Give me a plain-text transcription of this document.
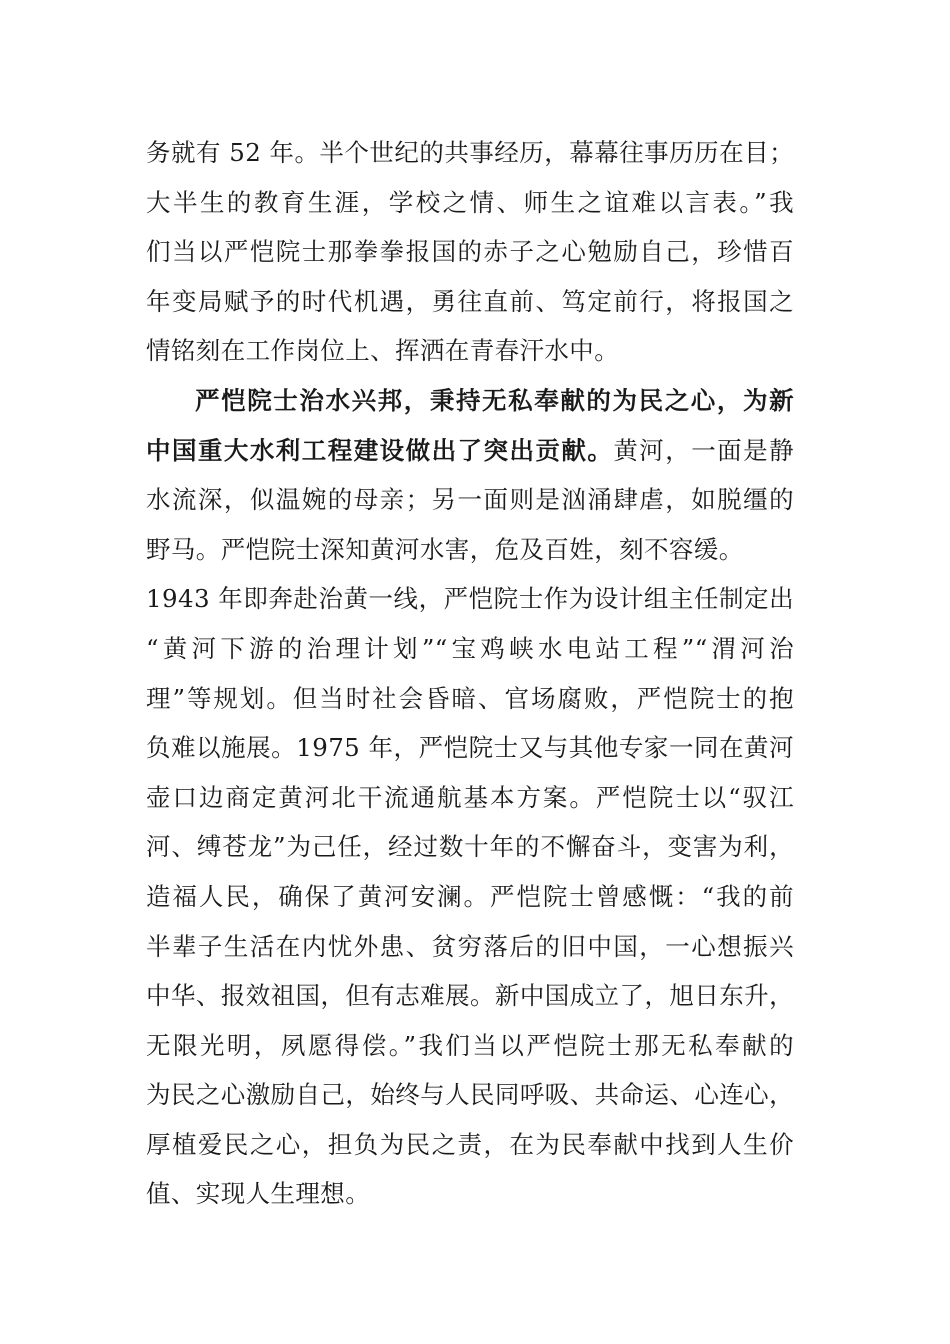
务就有 52 年。半个世纪的共事经历，幕幕往事历历在目；
大半生的教育生涯，学校之情、师生之谊难以言表。”我
们当以严恺院士那拳拳报国的赤子之心勉励自己，珍惜百
年变局赋予的时代机遇，勇往直前、笃定前行，将报国之
情铭刻在工作岗位上、挥洒在青春汗水中。
严恺院士治水兴邦，秉持无私奉献的为民之心，为新
中国重大水利工程建设做出了突出贡献。黄河，一面是静
水流深，似温婉的母亲；另一面则是汹涌肆虐，如脱缰的
野马。严恺院士深知黄河水害，危及百姓，刻不容缓。
1943 年即奔赴治黄一线，严恺院士作为设计组主任制定出
“黄河下游的治理计划”“宝鸡峡水电站工程”“渭河治
理”等规划。但当时社会昏暗、官场腐败，严恺院士的抱
负难以施展。1975 年，严恺院士又与其他专家一同在黄河
壶口边商定黄河北干流通航基本方案。严恺院士以“驭江
河、缚苍龙”为己任，经过数十年的不懈奋斗，变害为利，
造福人民，确保了黄河安澜。严恺院士曾感慨：“我的前
半辈子生活在内忧外患、贫穷落后的旧中国，一心想振兴
中华、报效祖国，但有志难展。新中国成立了，旭日东升，
无限光明，夙愿得偿。”我们当以严恺院士那无私奉献的
为民之心激励自己，始终与人民同呼吸、共命运、心连心，
厚植爱民之心，担负为民之责，在为民奉献中找到人生价
值、实现人生理想。
